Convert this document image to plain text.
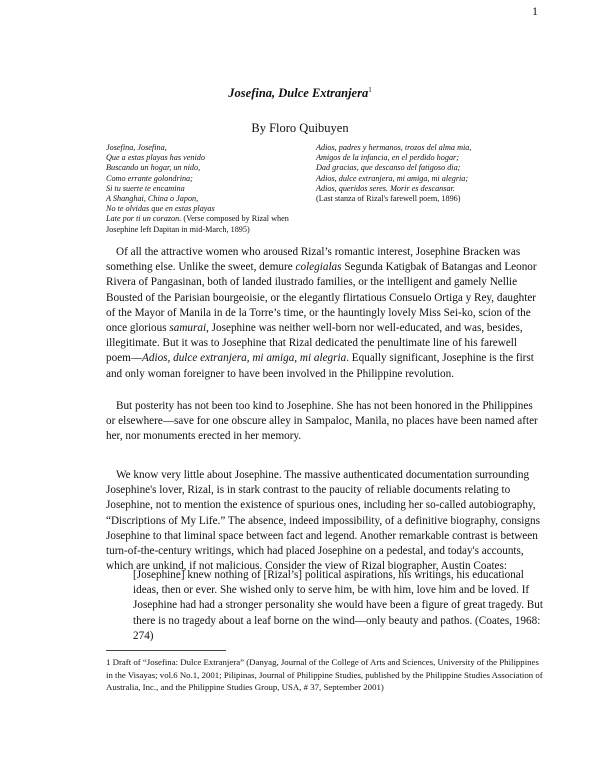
1
Josefina, Dulce Extranjera$^1$
By Floro Quibuyen
Josefina, Josefina,
Que a estas playas has venido
Buscando un hogar, un nido,
Como errante golondrina;
Si tu suerte te encamina
A Shanghai, China o Japon,
No te olvidas que en estas playas
Late por ti un corazon. (Verse composed by Rizal when
Josephine left Dapitan in mid-March, 1895)
Adios, padres y hermanos, trozos del alma mia,
Amigos de la infancia, en el perdido hogar;
Dad gracias, que descanso del fatigoso dia;
Adios, dulce extranjera, mi amiga, mi alegria;
Adios, queridos seres. Morir es descansar.
(Last stanza of Rizal's farewell poem, 1896)

Of all the attractive women who aroused Rizal’s romantic interest, Josephine Bracken was something else. Unlike the sweet, demure colegialas Segunda Katigbak of Batangas and Leonor Rivera of Pangasinan, both of landed ilustrado families, or the intelligent and gamely Nellie Bousted of the Parisian bourgeoisie, or the elegantly flirtatious Consuelo Ortiga y Rey, daughter of the Mayor of Manila in de la Torre’s time, or the hauntingly lovely Miss Sei-ko, scion of the once glorious samurai, Josephine was neither well-born nor well-educated, and was, besides, illegitimate. But it was to Josephine that Rizal dedicated the penultimate line of his farewell poem—Adios, dulce extranjera, mi amiga, mi alegria. Equally significant, Josephine is the first and only woman foreigner to have been involved in the Philippine revolution.

But posterity has not been too kind to Josephine. She has not been honored in the Philippines or elsewhere—save for one obscure alley in Sampaloc, Manila, no places have been named after her, nor monuments erected in her memory.

We know very little about Josephine. The massive authenticated documentation surrounding Josephine's lover, Rizal, is in stark contrast to the paucity of reliable documents relating to Josephine, not to mention the existence of spurious ones, including her so-called autobiography, “Discriptions of My Life.” The absence, indeed impossibility, of a definitive biography, consigns Josephine to that liminal space between fact and legend. Another remarkable contrast is between turn-of-the-century writings, which had placed Josephine on a pedestal, and today's accounts, which are unkind, if not malicious. Consider the view of Rizal biographer, Austin Coates:

[Josephine] knew nothing of [Rizal’s] political aspirations, his writings, his educational ideas, then or ever. She wished only to serve him, be with him, love him and be loved. If Josephine had had a stronger personality she would have been a figure of great tragedy. But there is no tragedy about a leaf borne on the wind—only beauty and pathos. (Coates, 1968: 274)
1 Draft of “Josefina: Dulce Extranjera” (Danyag, Journal of the College of Arts and Sciences, University of the Philippines in the Visayas; vol.6 No.1, 2001; Pilipinas, Journal of Philippine Studies, published by the Philippine Studies Association of Australia, Inc., and the Philippine Studies Group, USA, # 37, September 2001)
